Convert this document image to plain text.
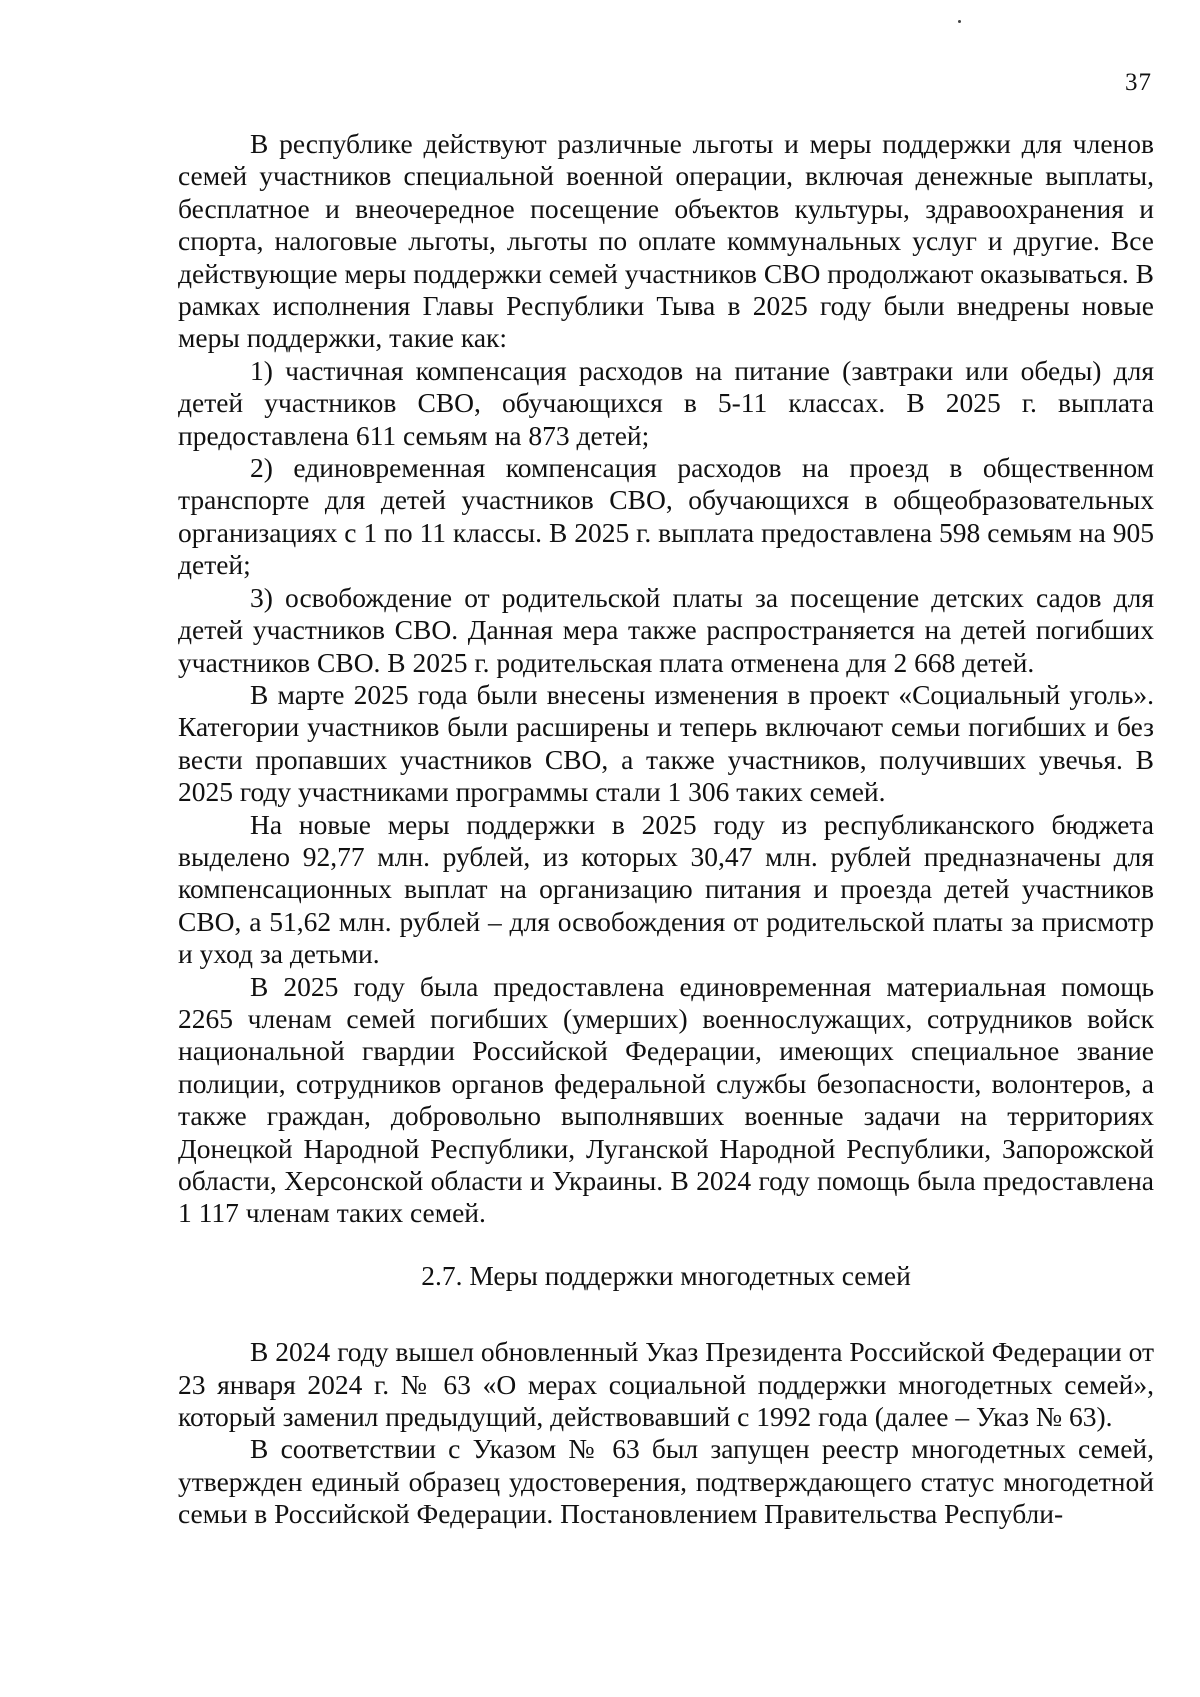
37

В республике действуют различные льготы и меры поддержки для членов семей участников специальной военной операции, включая денежные выплаты, бесплатное и внеочередное посещение объектов культуры, здравоохранения и спорта, налоговые льготы, льготы по оплате коммунальных услуг и другие. Все действующие меры поддержки семей участников СВО продолжают оказываться. В рамках исполнения Главы Республики Тыва в 2025 году были внедрены новые меры поддержки, такие как:

1) частичная компенсация расходов на питание (завтраки или обеды) для детей участников СВО, обучающихся в 5-11 классах. В 2025 г. выплата предоставлена 611 семьям на 873 детей;

2) единовременная компенсация расходов на проезд в общественном транспорте для детей участников СВО, обучающихся в общеобразовательных организациях с 1 по 11 классы. В 2025 г. выплата предоставлена 598 семьям на 905 детей;

3) освобождение от родительской платы за посещение детских садов для детей участников СВО. Данная мера также распространяется на детей погибших участников СВО. В 2025 г. родительская плата отменена для 2 668 детей.

В марте 2025 года были внесены изменения в проект «Социальный уголь». Категории участников были расширены и теперь включают семьи погибших и без вести пропавших участников СВО, а также участников, получивших увечья. В 2025 году участниками программы стали 1 306 таких семей.

На новые меры поддержки в 2025 году из республиканского бюджета выделено 92,77 млн. рублей, из которых 30,47 млн. рублей предназначены для компенсационных выплат на организацию питания и проезда детей участников СВО, а 51,62 млн. рублей – для освобождения от родительской платы за присмотр и уход за детьми.

В 2025 году была предоставлена единовременная материальная помощь 2265 членам семей погибших (умерших) военнослужащих, сотрудников войск национальной гвардии Российской Федерации, имеющих специальное звание полиции, сотрудников органов федеральной службы безопасности, волонтеров, а также граждан, добровольно выполнявших военные задачи на территориях Донецкой Народной Республики, Луганской Народной Республики, Запорожской области, Херсонской области и Украины. В 2024 году помощь была предоставлена 1 117 членам таких семей.

2.7. Меры поддержки многодетных семей

В 2024 году вышел обновленный Указ Президента Российской Федерации от 23 января 2024 г. № 63 «О мерах социальной поддержки многодетных семей», который заменил предыдущий, действовавший с 1992 года (далее – Указ № 63).

В соответствии с Указом № 63 был запущен реестр многодетных семей, утвержден единый образец удостоверения, подтверждающего статус многодетной семьи в Российской Федерации. Постановлением Правительства Республи-
